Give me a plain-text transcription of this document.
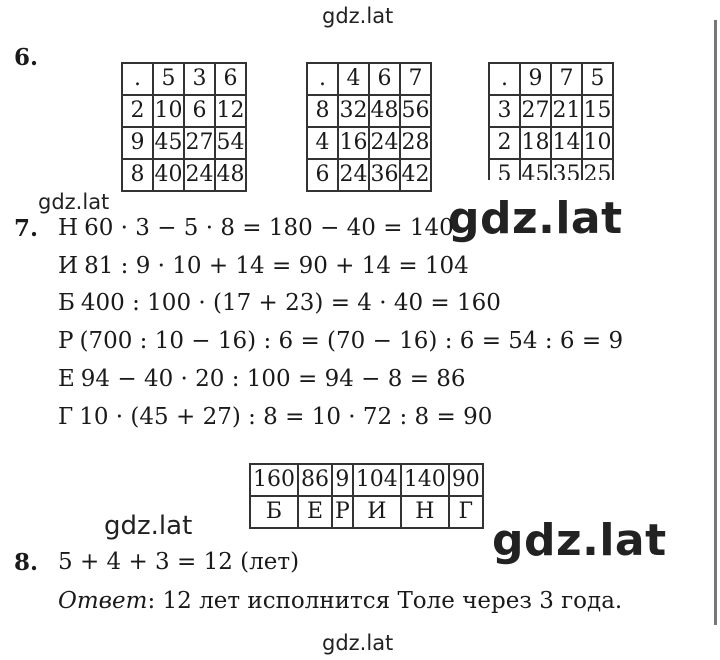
gdz.lat
gdz.lat	gdz.lat
gdz.lat	gdz.lat
gdz.lat
6.
.	5	3	6
2	10	6	12
9	45	27	54
8	40	24	48
.	4	6	7
8	32	48	56
4	16	24	28
6	24	36	42
.	9	7	5
3	27	21	15
2	18	14	10
5	45	35	25
7. Н 60 · 3 − 5 · 8 = 180 − 40 = 140
И 81 : 9 · 10 + 14 = 90 + 14 = 104
Б 400 : 100 · (17 + 23) = 4 · 40 = 160
Р (700 : 10 − 16) : 6 = (70 − 16) : 6 = 54 : 6 = 9
Е 94 − 40 · 20 : 100 = 94 − 8 = 86
Г 10 · (45 + 27) : 8 = 10 · 72 : 8 = 90
160	86	9	104	140	90
Б	Е	Р	И	Н	Г
8. 5 + 4 + 3 = 12 (лет)
Ответ: 12 лет исполнится Толе через 3 года.
